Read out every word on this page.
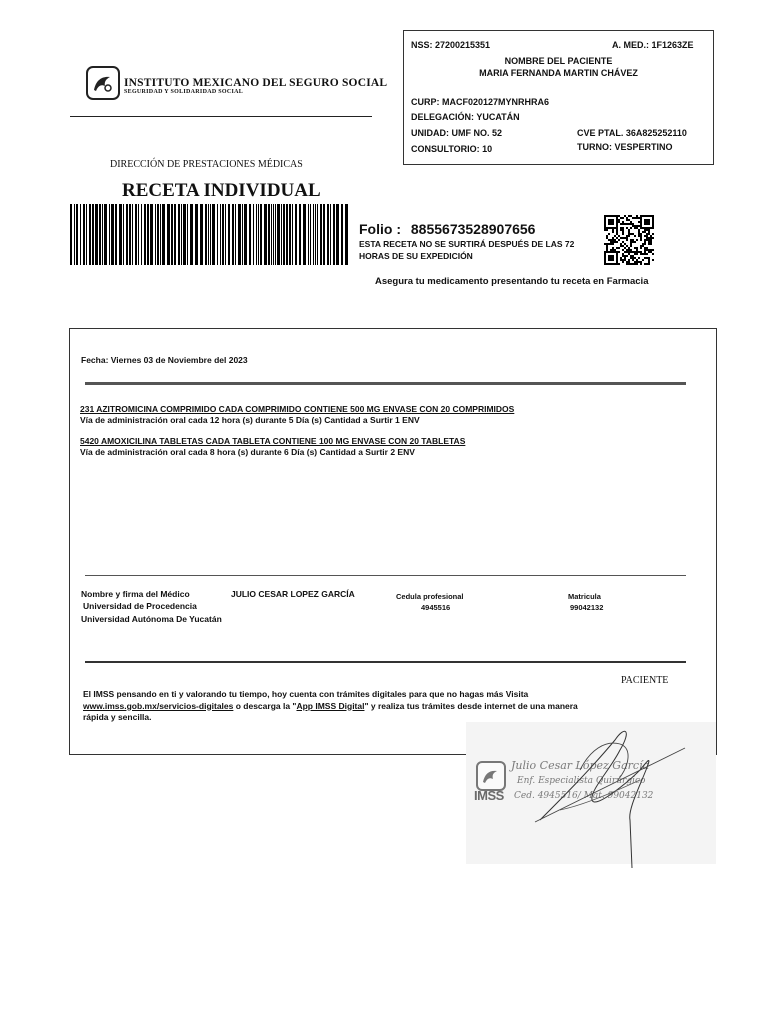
INSTITUTO MEXICANO DEL SEGURO SOCIAL
SEGURIDAD Y SOLIDARIDAD SOCIAL
DIRECCIÓN DE PRESTACIONES MÉDICAS
RECETA INDIVIDUAL
NSS: 27200215351	A. MED.: 1F1263ZE
NOMBRE DEL PACIENTE
MARIA FERNANDA MARTIN CHÁVEZ
CURP: MACF020127MYNRHRA6
DELEGACIÓN: YUCATÁN
UNIDAD: UMF NO. 52	CVE PTAL. 36A825252110
CONSULTORIO: 10	TURNO: VESPERTINO
Folio : 8855673528907656
ESTA RECETA NO SE SURTIRÁ DESPUÉS DE LAS 72 HORAS DE SU EXPEDICIÓN
Asegura tu medicamento presentando tu receta en Farmacia
Fecha: Viernes 03 de Noviembre del 2023
231 AZITROMICINA COMPRIMIDO CADA COMPRIMIDO CONTIENE 500 MG ENVASE CON 20 COMPRIMIDOS
Vía de administración oral cada 12 hora (s) durante 5 Día (s) Cantidad a Surtir 1 ENV
5420 AMOXICILINA TABLETAS CADA TABLETA CONTIENE 100 MG ENVASE CON 20 TABLETAS
Vía de administración oral cada 8 hora (s) durante 6 Día (s) Cantidad a Surtir 2 ENV
Nombre y firma del Médico	JULIO CESAR LOPEZ GARCÍA
Universidad de Procedencia
Universidad Autónoma De Yucatán
Cedula profesional
4945516
Matricula
99042132
PACIENTE
El IMSS pensando en ti y valorando tu tiempo, hoy cuenta con trámites digitales para que no hagas más Visita www.imss.gob.mx/servicios-digitales o descarga la "App IMSS Digital" y realiza tus trámites desde internet de una manera rápida y sencilla.
IMSS
Julio Cesar López García
Enf. Especialista Quirúrgico
Ced. 4945516/ Mat. 99042132
